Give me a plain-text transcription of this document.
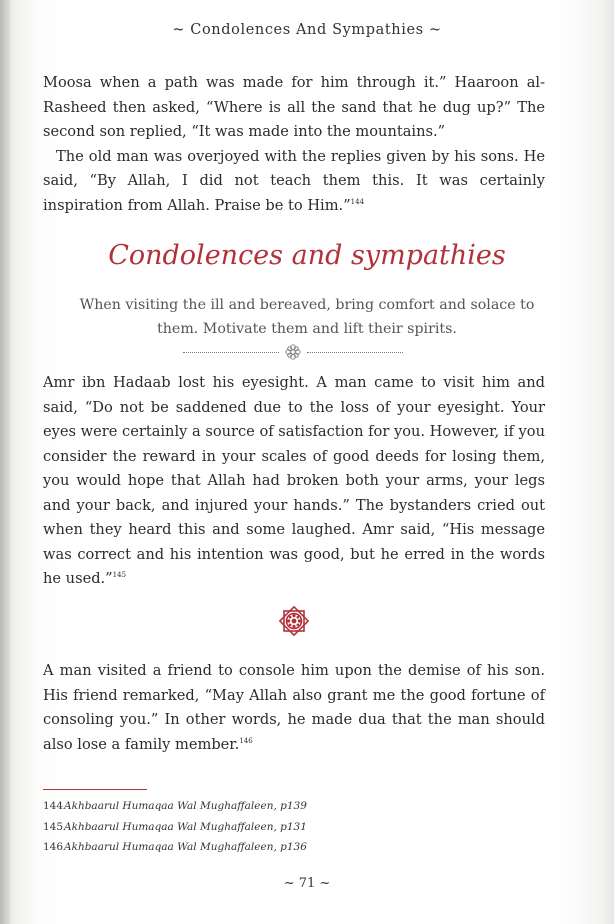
~ Condolences And Sympathies ~

Moosa when a path was made for him through it.” Haaroon al-Rasheed then asked, “Where is all the sand that he dug up?” The second son replied, “It was made into the mountains.”

The old man was overjoyed with the replies given by his sons. He said, “By Allah, I did not teach them this. It was certainly inspiration from Allah. Praise be to Him.”$^{144}$

Condolences and sympathies
When visiting the ill and bereaved, bring comfort and solace to them. Motivate them and lift their spirits.

Amr ibn Hadaab lost his eyesight. A man came to visit him and said, “Do not be saddened due to the loss of your eyesight. Your eyes were certainly a source of satisfaction for you. However, if you consider the reward in your scales of good deeds for losing them, you would hope that Allah had broken both your arms, your legs and your back, and injured your hands.” The bystanders cried out when they heard this and some laughed. Amr said, “His message was correct and his intention was good, but he erred in the words he used.”$^{145}$

A man visited a friend to console him upon the demise of his son. His friend remarked, “May Allah also grant me the good fortune of consoling you.” In other words, he made dua that the man should also lose a family member.$^{146}$

144Akhbaarul Humaqaa Wal Mughaffaleen, p139
145Akhbaarul Humaqaa Wal Mughaffaleen, p131
146Akhbaarul Humaqaa Wal Mughaffaleen, p136
~ 71 ~
